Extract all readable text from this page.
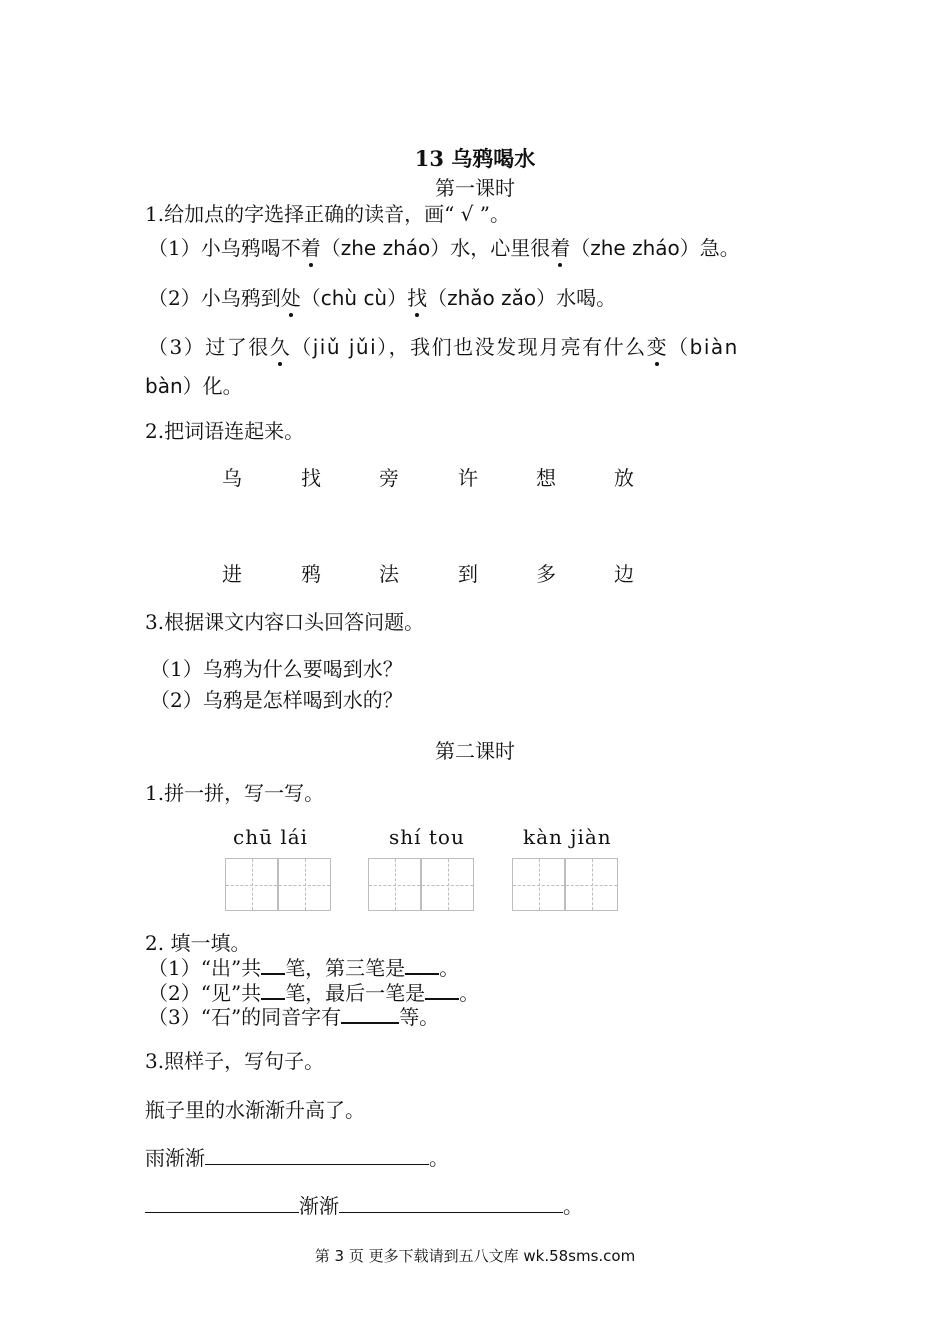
13 乌鸦喝水
第一课时
1.给加点的字选择正确的读音，画“ √ ”。
（1）小乌鸦喝不着（zhe zháo）水，心里很着（zhe zháo）急。
（2）小乌鸦到处（chù cù）找（zhǎo zǎo）水喝。
（3）过了很久（jiǔ jǔi），我们也没发现月亮有什么变（biàn
bàn）化。
2.把词语连起来。
乌	找	旁	许	想	放
进	鸦	法	到	多	边
3.根据课文内容口头回答问题。
（1）乌鸦为什么要喝到水？
（2）乌鸦是怎样喝到水的？
第二课时
1.拼一拼，写一写。
chū lái	shí tou	kàn jiàn
2. 填一填。
（1）“出”共 笔，第三笔是 。
（2）“见”共 笔，最后一笔是 。
（3）“石”的同音字有	等。
3.照样子，写句子。
瓶子里的水渐渐升高了。
雨渐渐	。
渐渐	。
第 3 页 更多下载请到五八文库 wk.58sms.com
